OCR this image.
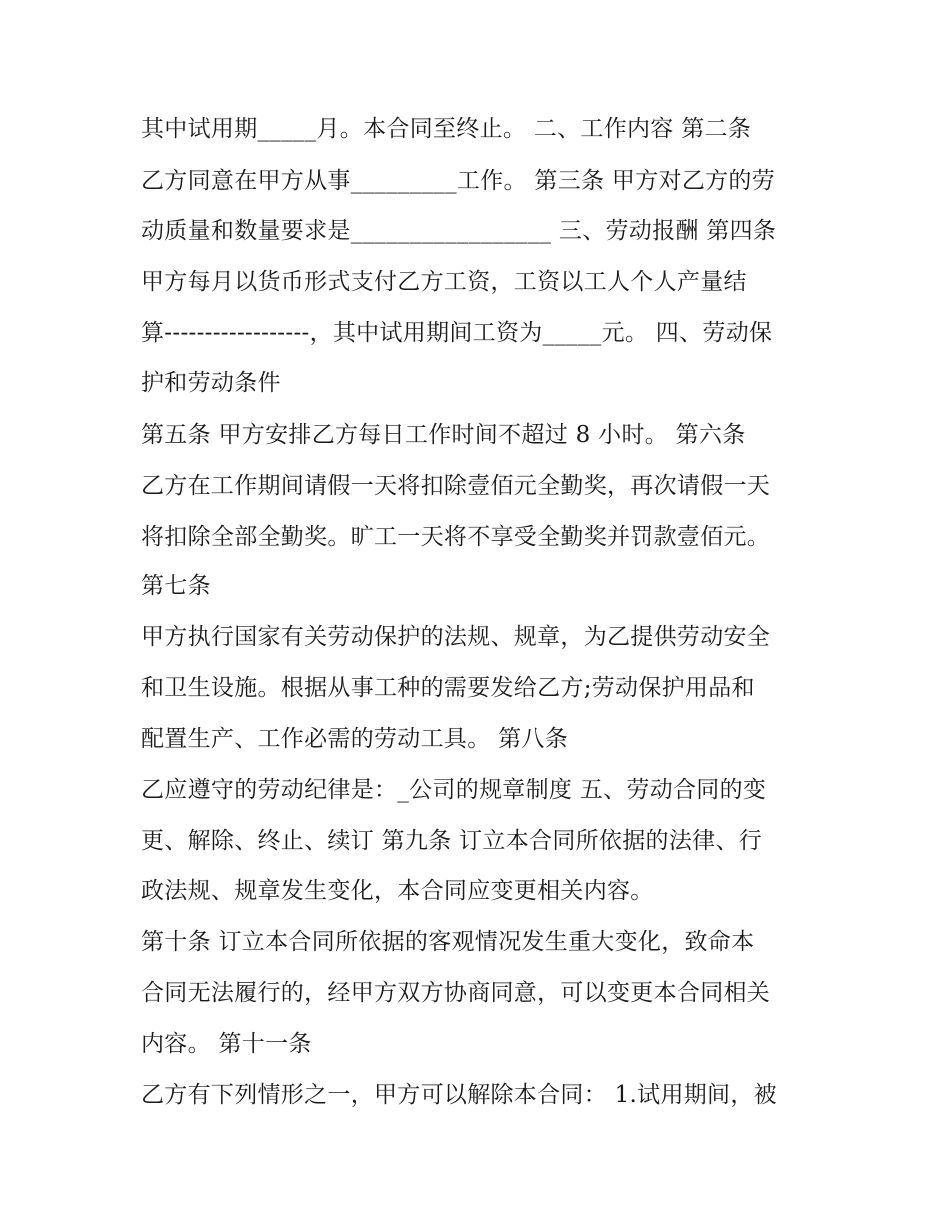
其中试用期_____月。本合同至终止。 二、工作内容 第二条
乙方同意在甲方从事_________工作。 第三条 甲方对乙方的劳
动质量和数量要求是_________________ 三、劳动报酬 第四条
甲方每月以货币形式支付乙方工资，工资以工人个人产量结
算------------------，其中试用期间工资为_____元。 四、劳动保
护和劳动条件
第五条 甲方安排乙方每日工作时间不超过 8 小时。 第六条
乙方在工作期间请假一天将扣除壹佰元全勤奖，再次请假一天
将扣除全部全勤奖。旷工一天将不享受全勤奖并罚款壹佰元。
第七条
甲方执行国家有关劳动保护的法规、规章，为乙提供劳动安全
和卫生设施。根据从事工种的需要发给乙方;劳动保护用品和
配置生产、工作必需的劳动工具。 第八条
乙应遵守的劳动纪律是：_公司的规章制度 五、劳动合同的变
更、解除、终止、续订 第九条 订立本合同所依据的法律、行
政法规、规章发生变化，本合同应变更相关内容。
第十条 订立本合同所依据的客观情况发生重大变化，致命本
合同无法履行的，经甲方双方协商同意，可以变更本合同相关
内容。 第十一条
乙方有下列情形之一，甲方可以解除本合同： 1.试用期间，被
